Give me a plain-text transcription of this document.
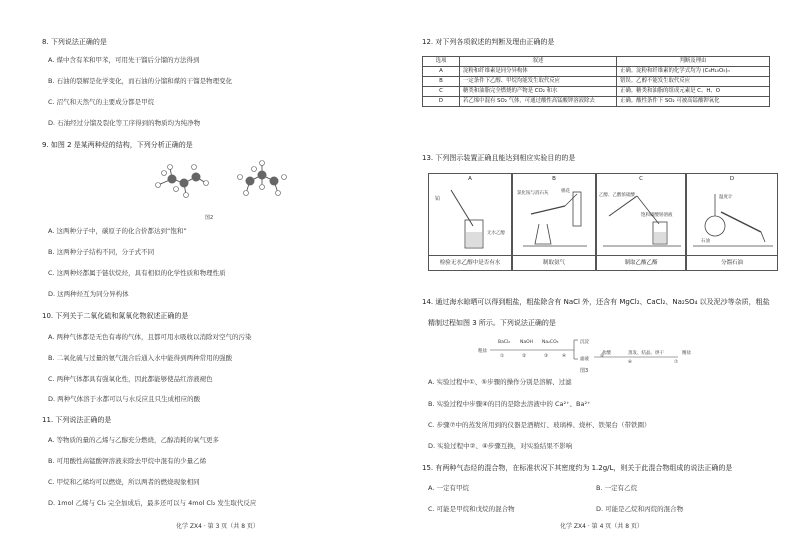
8. 下列说法正确的是
A. 煤中含有苯和甲苯，可用先干馏后分馏的方法得到
B. 石油的裂解是化学变化，而石油的分馏和煤的干馏是物理变化
C. 沼气和天然气的主要成分都是甲烷
D. 石油经过分馏及裂化等工序得到的物质均为纯净物
9. 如图 2 是某两种烃的结构，下列分析正确的是
图2
A. 这两种分子中，碳原子的化合价都达到“饱和”
B. 这两种分子结构不同，分子式不同
C. 这两种烃都属于链状烷烃，具有相似的化学性质和物理性质
D. 这两种烃互为同分异构体
10. 下列关于二氧化硫和氮氧化物叙述正确的是
A. 两种气体都是无色有毒的气体，且都可用水吸收以消除对空气的污染
B. 二氧化硫与过量的氨气混合后通入水中能得到两种常用的强酸
C. 两种气体都具有强氧化性，因此都能够使品红溶液褪色
D. 两种气体溶于水都可以与水反应且只生成相应的酸
11. 下列说法正确的是
A. 等物质的量的乙烯与乙醇充分燃烧，乙醇消耗的氧气更多
B. 可用酸性高锰酸钾溶液来除去甲烷中混有的少量乙烯
C. 甲烷和乙烯均可以燃烧，所以两者的燃烧现象相同
D. 1mol 乙烯与 Cl₂ 完全加成后，最多还可以与 4mol Cl₂ 发生取代反应
化学 ZX4 · 第 3 页（共 8 页）
12. 对下列各项叙述的判断及理由正确的是
选项	叙述	判断及理由
A	淀粉和纤维素是同分异构体	正确。淀粉和纤维素的化学式均为 (C₆H₁₀O₅)ₙ
B	一定条件下乙醇、甲烷均能发生取代反应	错误。乙醇不能发生取代反应
C	糖类和油脂完全燃烧的产物是 CO₂ 和水	正确。糖类和油脂的组成元素是 C、H、O
D	若乙烯中混有 SO₂ 气体，可通过酸性高锰酸钾溶液除去	正确。酸性条件下 SO₂ 可被高锰酸钾氧化
13. 下列图示装置正确且能达到相应实验目的的是
A
铂
无水乙醇
检验无水乙醇中是否有水
B
氯化铵与消石灰	棉花
制取氨气
C
乙醇、乙酸浓硫酸
饱和碳酸钠溶液
制取乙酸乙酯
D
温度计
石油
分馏石油
14. 通过海水晾晒可以得到粗盐，粗盐除含有 NaCl 外，还含有 MgCl₂、CaCl₂、Na₂SO₄ 以及泥沙等杂质，粗盐
精制过程如图 3 所示。下列说法正确的是
粗盐
BaCl₂ NaOH Na₂CO₃
①	②	③	④
沉淀
滤液
⑤
盐酸
⑥
蒸发、结晶、烘干
⑦
精盐
图3
A. 实验过程中①、⑤步骤的操作分别是溶解、过滤
B. 实验过程中步骤④的目的是除去溶液中的 Ca²⁺、Ba²⁺
C. 步骤⑦中的蒸发所用到的仪器是酒精灯、玻璃棒、烧杯、铁架台（带铁圈）
D. 实验过程中②、④步骤互换，对实验结果不影响
15. 有两种气态烃的混合物，在标准状况下其密度约为 1.2g/L，则关于此混合物组成的说法正确的是
A. 一定有甲烷	B. 一定有乙烷
C. 可能是甲烷和戊烷的混合物	D. 可能是乙烷和丙烷的混合物
化学 ZX4 · 第 4 页（共 8 页）
